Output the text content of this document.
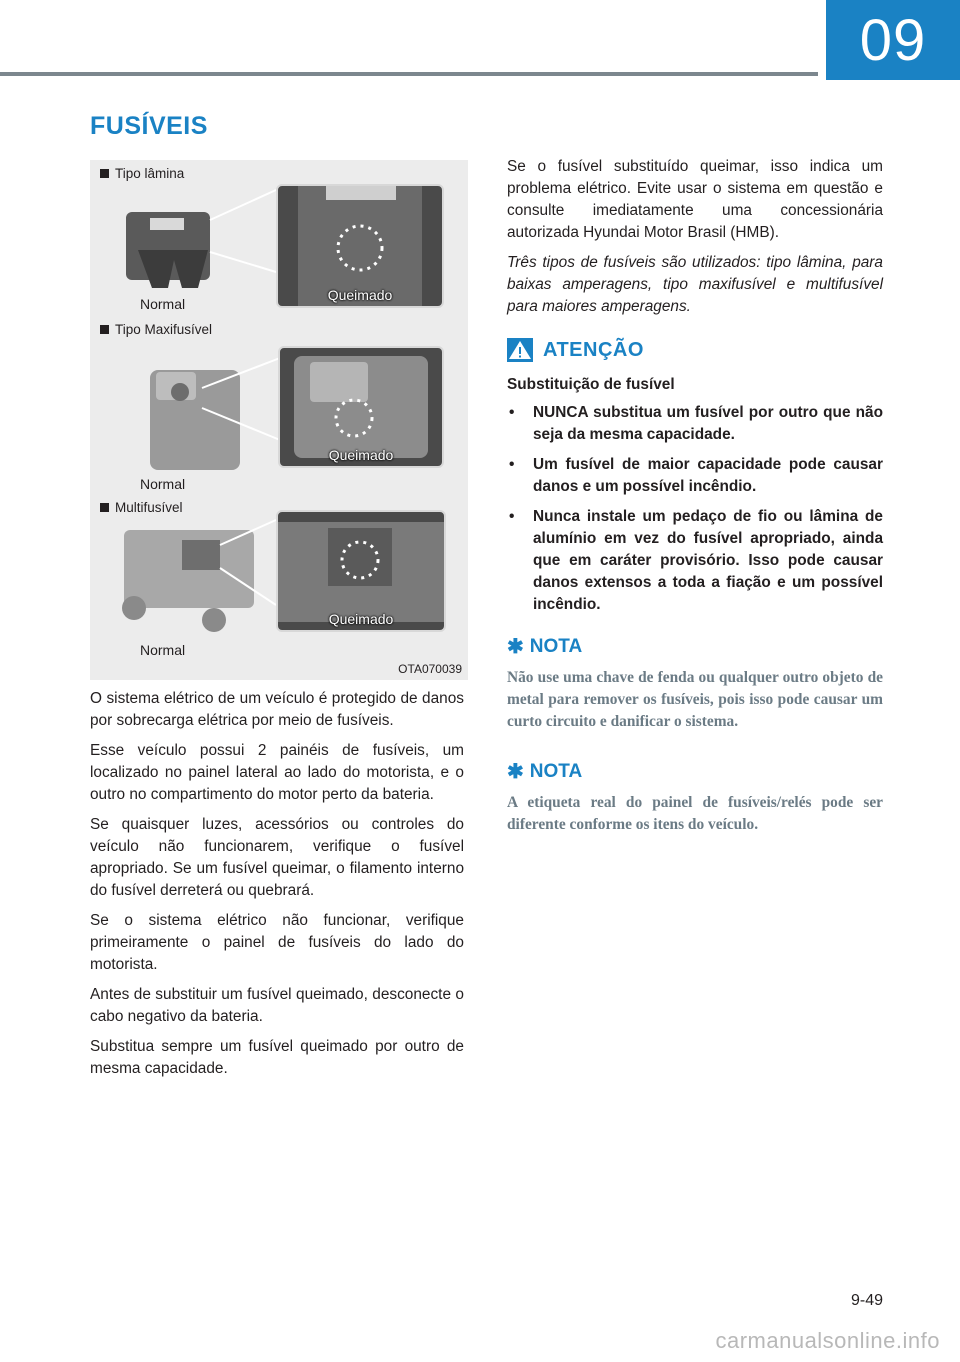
09
FUSÍVEIS
Tipo lâmina
Normal
Queimado
Tipo Maxifusível
Normal
Queimado
Multifusível
Normal
Queimado
OTA070039

O sistema elétrico de um veículo é protegido de danos por sobrecarga elétrica por meio de fusíveis.

Esse veículo possui 2 painéis de fusíveis, um localizado no painel lateral ao lado do motorista, e o outro no compartimento do motor perto da bateria.

Se quaisquer luzes, acessórios ou controles do veículo não funcionarem, verifique o fusível apropriado. Se um fusível queimar, o filamento interno do fusível derreterá ou quebrará.

Se o sistema elétrico não funcionar, verifique primeiramente o painel de fusíveis do lado do motorista.

Antes de substituir um fusível queimado, desconecte o cabo negativo da bateria.

Substitua sempre um fusível queimado por outro de mesma capacidade.

Se o fusível substituído queimar, isso indica um problema elétrico. Evite usar o sistema em questão e consulte imediatamente uma concessionária autorizada Hyundai Motor Brasil (HMB).

Três tipos de fusíveis são utilizados: tipo lâmina, para baixas amperagens, tipo maxifusível e multifusível para maiores amperagens.

ATENÇÃO
Substituição de fusível
• NUNCA substitua um fusível por outro que não seja da mesma capacidade.
• Um fusível de maior capacidade pode causar danos e um possível incêndio.
• Nunca instale um pedaço de fio ou lâmina de alumínio em vez do fusível apropriado, ainda que em caráter provisório. Isso pode causar danos extensos a toda a fiação e um possível incêndio.
✱ NOTA

Não use uma chave de fenda ou qualquer outro objeto de metal para remover os fusíveis, pois isso pode causar um curto circuito e danificar o sistema.

✱ NOTA

A etiqueta real do painel de fusíveis/relés pode ser diferente conforme os itens do veículo.

9-49
carmanualsonline.info
